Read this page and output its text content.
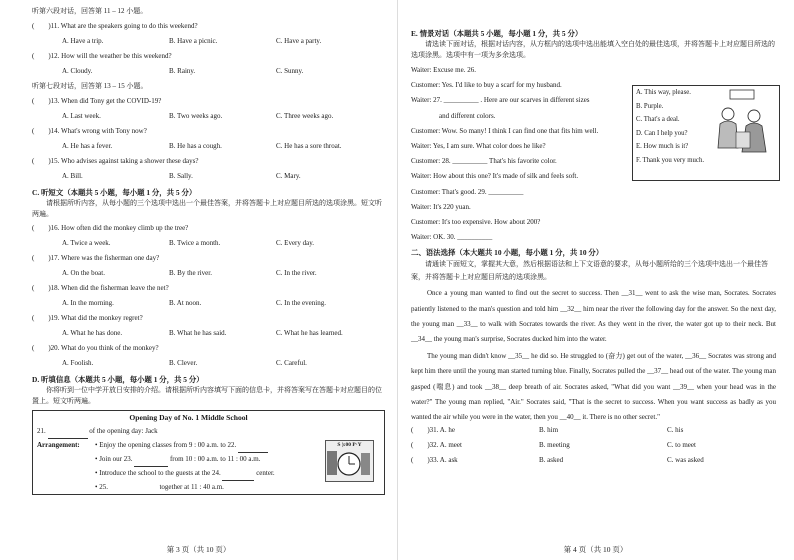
听第六段对话，回答第 11 – 12 小题。
(　　)11. What are the speakers going to do this weekend?
A. Have a trip.	B. Have a picnic.	C. Have a party.
(　　)12. How will the weather be this weekend?
A. Cloudy.	B. Rainy.	C. Sunny.
听第七段对话，回答第 13 – 15 小题。
(　　)13. When did Tony get the COVID-19?
A. Last week.	B. Two weeks ago.	C. Three weeks ago.
(　　)14. What's wrong with Tony now?
A. He has a fever.	B. He has a cough.	C. He has a sore throat.
(　　)15. Who advises against taking a shower these days?
A. Bill.	B. Sally.	C. Mary.
C. 听短文（本题共 5 小题，每小题 1 分，共 5 分）
请根据所听内容，从每小题的三个选项中选出一个最佳答案，并将答题卡上对应题目所选的选项涂黑。短文听两遍。
(　　)16. How often did the monkey climb up the tree?
A. Twice a week.	B. Twice a month.	C. Every day.
(　　)17. Where was the fisherman one day?
A. On the boat.	B. By the river.	C. In the river.
(　　)18. When did the fisherman leave the net?
A. In the morning.	B. At noon.	C. In the evening.
(　　)19. What did the monkey regret?
A. What he has done.	B. What he has said.	C. What he has learned.
(　　)20. What do you think of the monkey?
A. Foolish.	B. Clever.	C. Careful.
D. 听填信息（本题共 5 小题，每小题 1 分，共 5 分）
你将听到一位中学开放日安排的介绍。请根据所听内容填写下面的信息卡，并将答案写在答题卡对应题目的位置上。短文听两遍。
Opening Day of No. 1 Middle School
21.	of the opening day: Jack
Arrangement:	• Enjoy the opening classes from 9 : 00 a.m. to 22.

• Join our 23.	from 10 : 00 a.m. to 11 : 00 a.m.
• Introduce the school to the guests at the 24.	center.
• 25.	together at 11 : 40 a.m.
第 3 页（共 10 页）
S ):00 P·Y
E. 情景对话（本题共 5 小题，每小题 1 分，共 5 分）
请选读下面对话，根据对话内容，从方框内的选项中选出能填入空白处的最佳选项，并将答题卡上对应题目所选的选项涂黑。选项中有一项为多余选项。
Waiter: Excuse me. 26.
Customer: Yes. I'd like to buy a scarf for my husband.
Waiter: 27. __________ . Here are our scarves in different sizes
and different colors.
Customer: Wow. So many! I think I can find one that fits him well.
Waiter: Yes, I am sure. What color does he like?
Customer: 28. __________ That's his favorite color.
Waiter: How about this one? It's made of silk and feels soft.
Customer: That's good. 29. __________
Waiter: It's 220 yuan.
Customer: It's too expensive. How about 200?
Waiter: OK. 30. __________
二、语法选择（本大题共 10 小题，每小题 1 分，共 10 分）
请通读下面短文，掌握其大意，然后根据语法和上下文语意的要求，从每小题所给的三个选项中选出一个最佳答案，并将答题卡上对应题目所选的选项涂黑。
Once a young man wanted to find out the secret to success. Then __31__ went to ask the wise man, Socrates. Socrates patiently listened to the man's question and told him __32__ him near the river the following day for the answer. So the next day, the young man __33__ to walk with Socrates towards the river. As they went in the river, the water got up to their neck. But __34__ the young man's surprise, Socrates ducked him into the water.
The young man didn't know __35__ he did so. He struggled to (奋力) get out of the water, __36__ Socrates was strong and kept him there until the young man started turning blue. Finally, Socrates pulled the __37__ head out of the water. The young man gasped (喘息) and took __38__ deep breath of air. Socrates asked, "What did you want __39__ when your head was in the water?" The young man replied, "Air." Socrates said, "That is the secret to success. When you want success as badly as you wanted the air while you were in the water, then you __40__ it. There is no other secret."
(　　)31. A. he	B. him	C. his
(　　)32. A. meet	B. meeting	C. to meet
(　　)33. A. ask	B. asked	C. was asked
第 4 页（共 10 页）
A. This way, please.
B. Purple.
C. That's a deal.
D. Can I help you?
E. How much is it?
F. Thank you very much.
